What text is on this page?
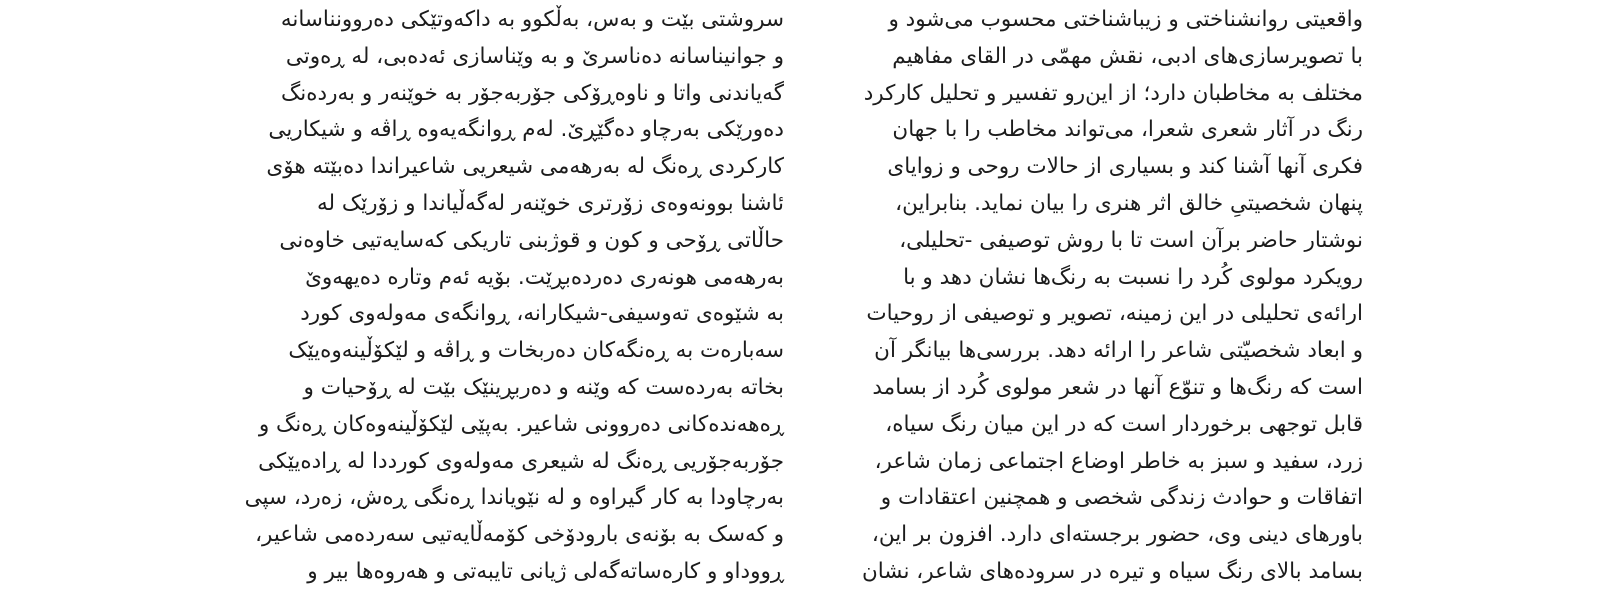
سروشتی بێت و بەس، بەڵکوو بە داکەوتێکی دەروونناسانە
و جوانیناسانە دەناسرێ و بە وێناسازی ئەدەبی، لە ڕەوتی
گەیاندنی واتا و ناوەڕۆکی جۆربەجۆر بە خوێنەر و بەردەنگ
دەورێکی بەرچاو دەگێڕێ. لەم ڕوانگەیەوە ڕاڤە و شیکاریی
کارکردی ڕەنگ لە بەرهەمی شیعریی شاعیراندا دەبێتە هۆی
ئاشنا بوونەوەی زۆرتری خوێنەر لەگەڵیاندا و زۆرێک لە
حاڵاتی ڕۆحی و کون و قوژبنی تاریکی کەسایەتیی خاوەنی
بەرهەمی هونەری دەردەبڕێت. بۆیە ئەم وتارە دەیهەوێ
بە شێوەی تەوسیفی-شیکارانە، ڕوانگەی مەولەوی کورد
سەبارەت بە ڕەنگەکان دەربخات و ڕاڤە و لێکۆڵینەوەیێک
بخاتە بەردەست کە وێنە و دەربڕینێک بێت لە ڕۆحیات و
ڕەهەندەکانی دەروونی شاعیر. بەپێی لێکۆڵینەوەکان ڕەنگ و
جۆربەجۆریی ڕەنگ لە شیعری مەولەوی کورددا لە ڕادەیێکی
بەرچاودا بە کار گیراوە و لە نێویاندا ڕەنگی ڕەش، زەرد، سپی
و کەسک بە بۆنەی بارودۆخی کۆمەڵایەتیی سەردەمی شاعیر،
ڕووداو و کارەساتەگەلی ژیانی تایبەتی و هەروەها بیر و
واقعیتی روانشناختی و زیباشناختی محسوب می‌شود و
با تصویرسازی‌های ادبی، نقش مهمّی در القای مفاهیم
مختلف به مخاطبان دارد؛ از این‌رو تفسیر و تحلیل کارکرد
رنگ در آثار شعری شعرا، می‌تواند مخاطب را با جهان
فکری آنها آشنا کند و بسیاری از حالات روحی و زوایای
پنهان شخصیتیِ خالق اثر هنری را بیان نماید. بنابراین،
نوشتار حاضر برآن است تا با روش توصیفی -تحلیلی،
رویکرد مولوی کُرد را نسبت به رنگ‌ها نشان دهد و با
ارائه‌ی تحلیلی در این زمینه، تصویر و توصیفی از روحیات
و ابعاد شخصیّتی شاعر را ارائه دهد. بررسی‌ها بیانگر آن
است که رنگ‌ها و تنوّع آنها در شعر مولوی کُرد از بسامد
قابل توجهی برخوردار است که در این میان رنگ سیاه،
زرد، سفید و سبز به خاطر اوضاع اجتماعی زمان شاعر،
اتفاقات و حوادث زندگی شخصی و همچنین اعتقادات و
باورهای دینی وی، حضور برجسته‌ای دارد. افزون بر این،
بسامد بالای رنگ سیاه و تیره در سروده‌های شاعر، نشان
